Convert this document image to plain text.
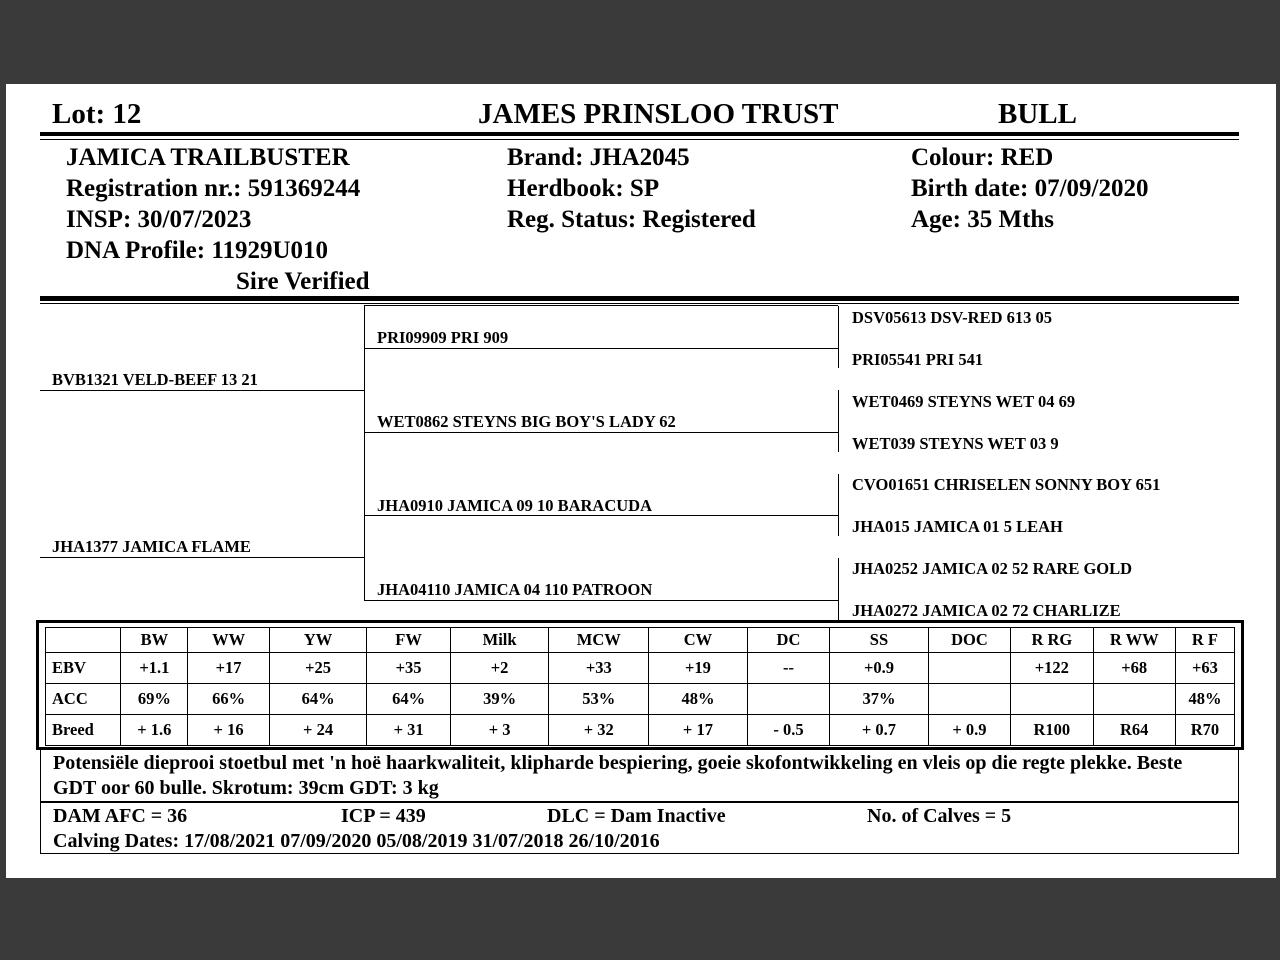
Lot: 12	JAMES PRINSLOO TRUST	BULL
JAMICA TRAILBUSTER
Registration nr.: 591369244
INSP: 30/07/2023
DNA Profile: 11929U010
Sire Verified
Brand: JHA2045
Herdbook: SP
Reg. Status: Registered
Colour: RED
Birth date: 07/09/2020
Age: 35 Mths
BVB1321 VELD-BEEF 13 21
JHA1377 JAMICA FLAME
PRI09909 PRI 909
WET0862 STEYNS BIG BOY'S LADY 62
JHA0910 JAMICA 09 10 BARACUDA
JHA04110 JAMICA 04 110 PATROON
DSV05613 DSV-RED 613 05
PRI05541 PRI 541
WET0469 STEYNS WET 04 69
WET039 STEYNS WET 03 9
CVO01651 CHRISELEN SONNY BOY 651
JHA015 JAMICA 01 5 LEAH
JHA0252 JAMICA 02 52 RARE GOLD
JHA0272 JAMICA 02 72 CHARLIZE
	BW	WW	YW	FW	Milk	MCW	CW	DC	SS	DOC	R RG	R WW	R F
EBV	+1.1	+17	+25	+35	+2	+33	+19	--	+0.9		+122	+68	+63
ACC	69%	66%	64%	64%	39%	53%	48%		37%				48%
Breed	+ 1.6	+ 16	+ 24	+ 31	+ 3	+ 32	+ 17	- 0.5	+ 0.7	+ 0.9	R100	R64	R70
Potensiële dieprooi stoetbul met 'n hoë haarkwaliteit, klipharde bespiering, goeie skofontwikkeling en vleis op die regte plekke. Beste GDT oor 60 bulle. Skrotum: 39cm GDT: 3 kg
DAM AFC = 36	ICP = 439	DLC = Dam Inactive	No. of Calves = 5
Calving Dates: 17/08/2021 07/09/2020 05/08/2019 31/07/2018 26/10/2016
